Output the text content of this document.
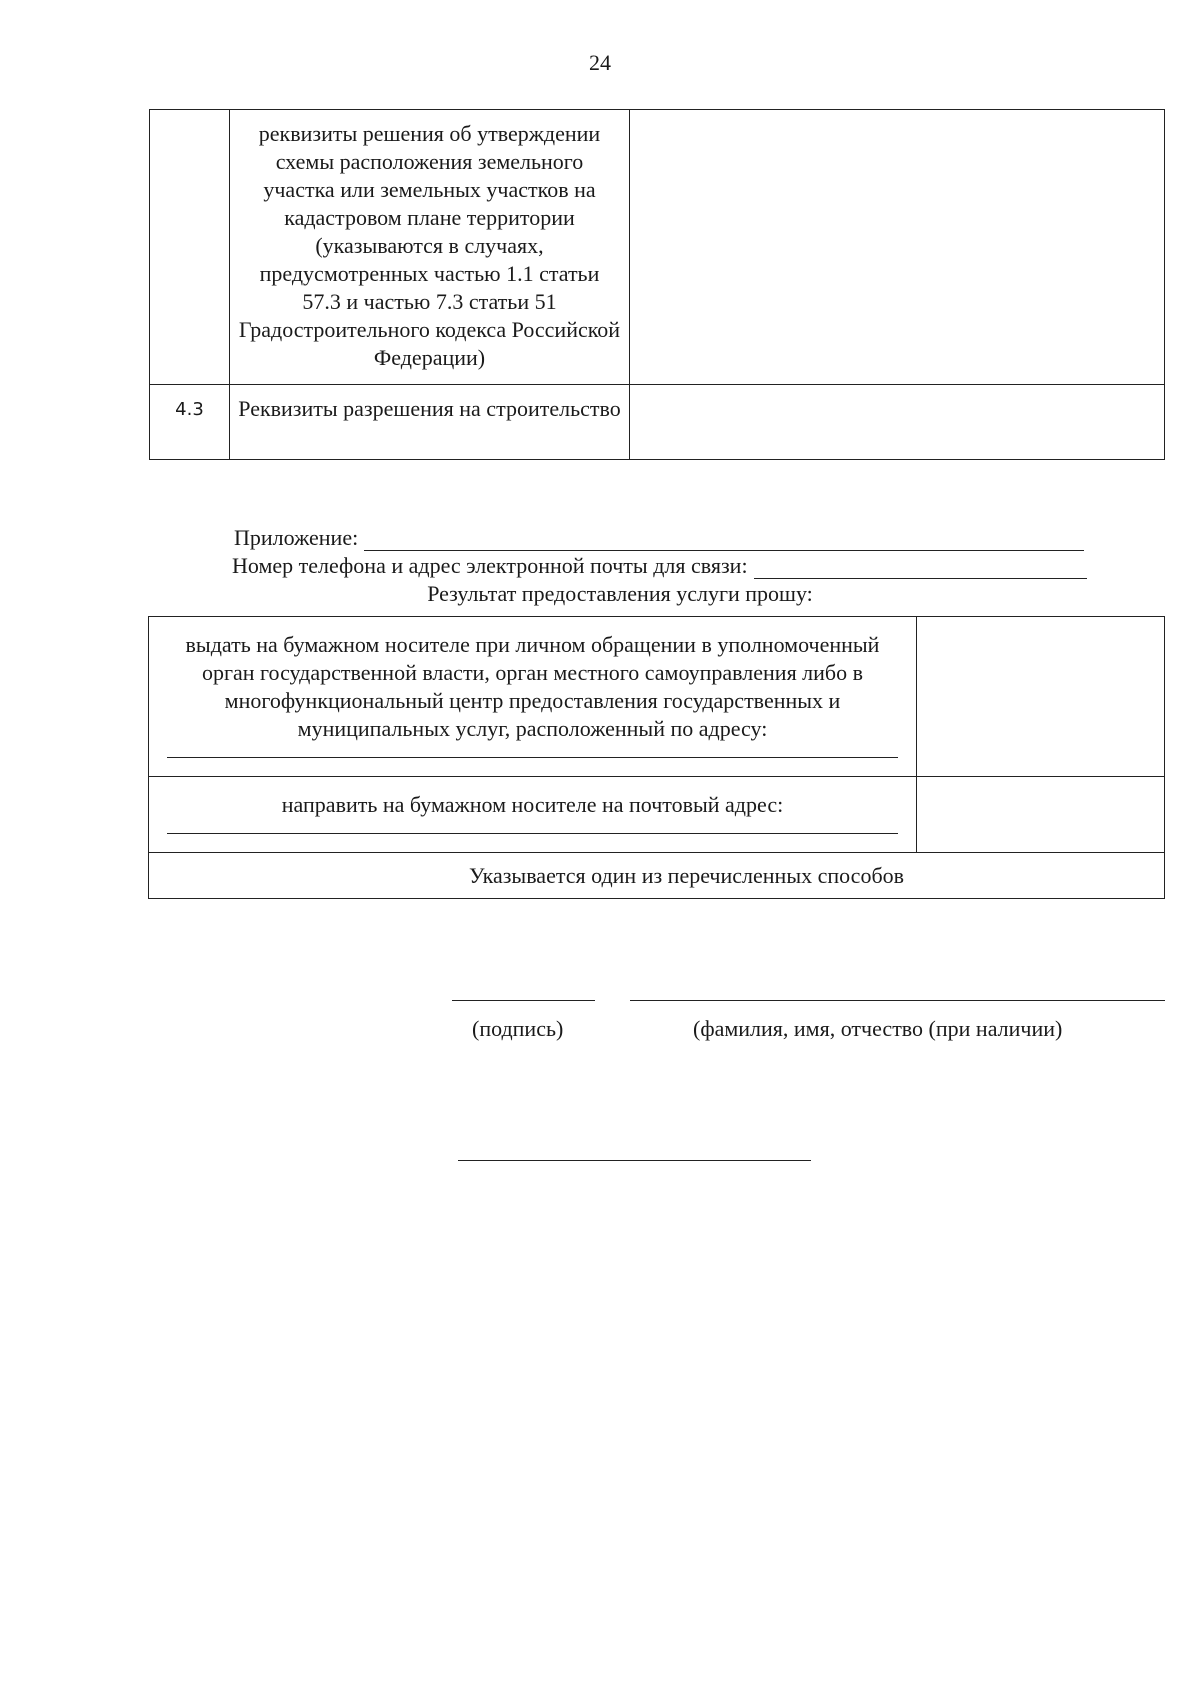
24
	реквизиты решения об утверждении схемы расположения земельного участка или земельных участков на кадастровом плане территории (указываются в случаях, предусмотренных частью 1.1 статьи 57.3 и частью 7.3 статьи 51 Градостроительного кодекса Российской Федерации)	
4.3	Реквизиты разрешения на строительство	
Приложение:
Номер телефона и адрес электронной почты для связи:
Результат предоставления услуги прошу:
выдать на бумажном носителе при личном обращении в уполномоченный орган государственной власти, орган местного самоуправления либо в многофункциональный центр предоставления государственных и муниципальных услуг, расположенный по адресу:	

направить на бумажном носителе на почтовый адрес:	

Указывается один из перечисленных способов	
(подпись)	(фамилия, имя, отчество (при наличии)
